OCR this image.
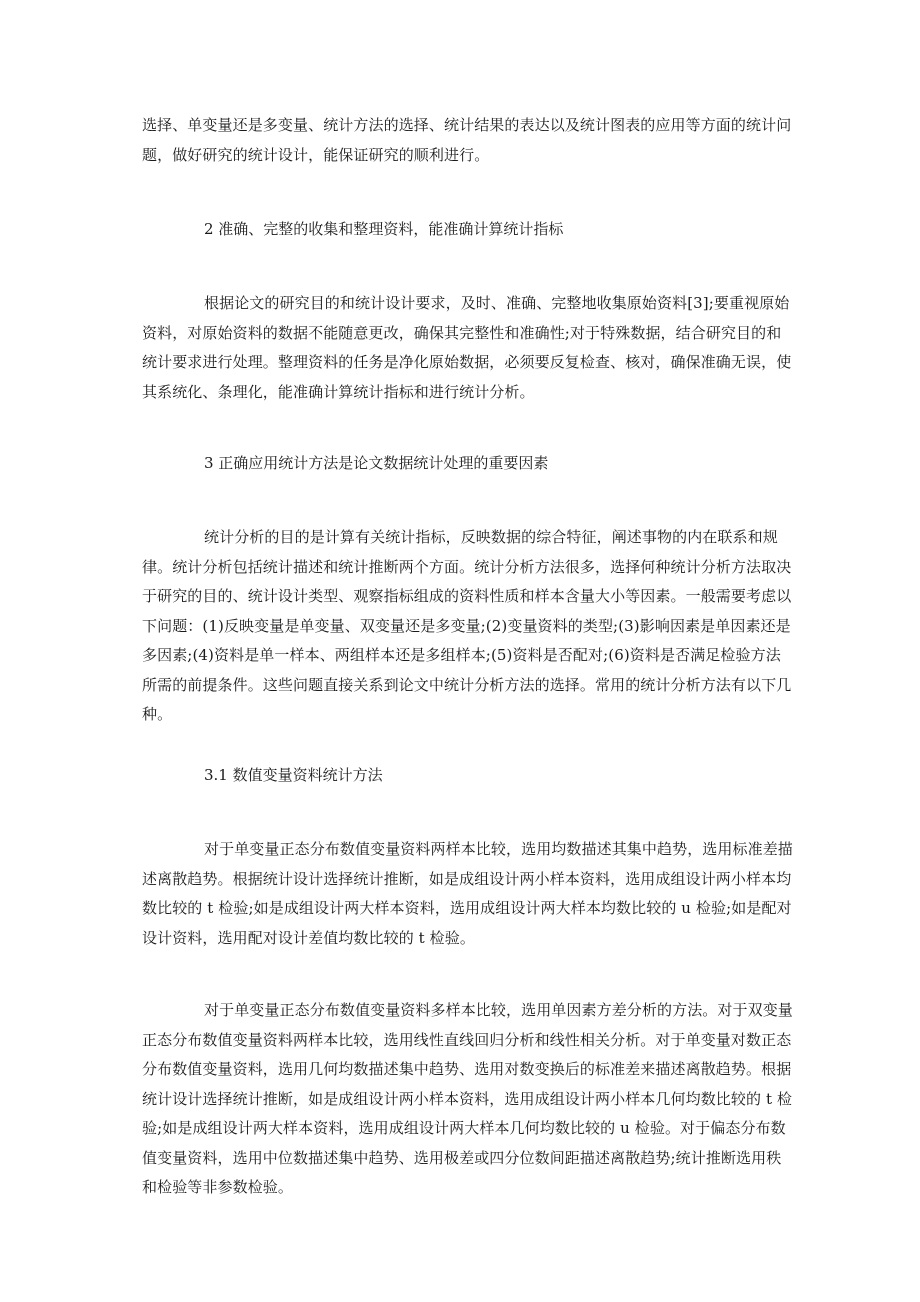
选择、单变量还是多变量、统计方法的选择、统计结果的表达以及统计图表的应用等方面的统计问题，做好研究的统计设计，能保证研究的顺利进行。

2 准确、完整的收集和整理资料，能准确计算统计指标

根据论文的研究目的和统计设计要求，及时、准确、完整地收集原始资料[3];要重视原始资料，对原始资料的数据不能随意更改，确保其完整性和准确性;对于特殊数据，结合研究目的和统计要求进行处理。整理资料的任务是净化原始数据，必须要反复检查、核对，确保准确无误，使其系统化、条理化，能准确计算统计指标和进行统计分析。

3 正确应用统计方法是论文数据统计处理的重要因素

统计分析的目的是计算有关统计指标，反映数据的综合特征，阐述事物的内在联系和规律。统计分析包括统计描述和统计推断两个方面。统计分析方法很多，选择何种统计分析方法取决于研究的目的、统计设计类型、观察指标组成的资料性质和样本含量大小等因素。一般需要考虑以下问题：(1)反映变量是单变量、双变量还是多变量;(2)变量资料的类型;(3)影响因素是单因素还是多因素;(4)资料是单一样本、两组样本还是多组样本;(5)资料是否配对;(6)资料是否满足检验方法所需的前提条件。这些问题直接关系到论文中统计分析方法的选择。常用的统计分析方法有以下几种。

3.1 数值变量资料统计方法

对于单变量正态分布数值变量资料两样本比较，选用均数描述其集中趋势，选用标准差描述离散趋势。根据统计设计选择统计推断，如是成组设计两小样本资料，选用成组设计两小样本均数比较的 t 检验;如是成组设计两大样本资料，选用成组设计两大样本均数比较的 u 检验;如是配对设计资料，选用配对设计差值均数比较的 t 检验。

对于单变量正态分布数值变量资料多样本比较，选用单因素方差分析的方法。对于双变量正态分布数值变量资料两样本比较，选用线性直线回归分析和线性相关分析。对于单变量对数正态分布数值变量资料，选用几何均数描述集中趋势、选用对数变换后的标准差来描述离散趋势。根据统计设计选择统计推断，如是成组设计两小样本资料，选用成组设计两小样本几何均数比较的 t 检验;如是成组设计两大样本资料，选用成组设计两大样本几何均数比较的 u 检验。对于偏态分布数值变量资料，选用中位数描述集中趋势、选用极差或四分位数间距描述离散趋势;统计推断选用秩和检验等非参数检验。
